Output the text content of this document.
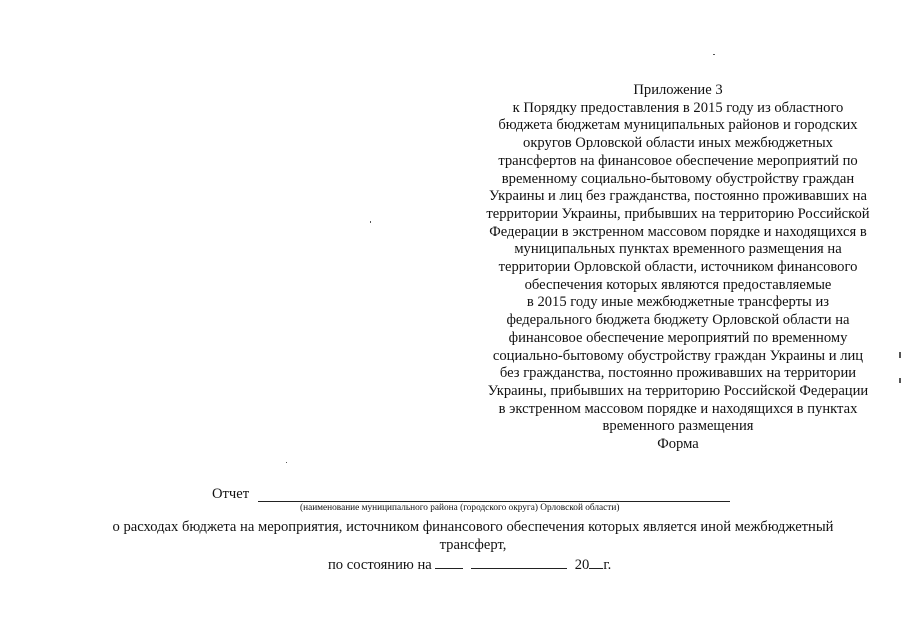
Приложение 3
к Порядку предоставления в 2015 году из областного
бюджета бюджетам муниципальных районов и городских
округов Орловской области иных межбюджетных
трансфертов на финансовое обеспечение мероприятий по
временному социально-бытовому обустройству граждан
Украины и лиц без гражданства, постоянно проживавших на
территории Украины, прибывших на территорию Российской
Федерации в экстренном массовом порядке и находящихся в
муниципальных пунктах временного размещения на
территории Орловской области, источником финансового
обеспечения которых являются предоставляемые
в 2015 году иные межбюджетные трансферты из
федерального бюджета бюджету Орловской области на
финансовое обеспечение мероприятий по временному
социально-бытовому обустройству граждан Украины и лиц
без гражданства, постоянно проживавших на территории
Украины, прибывших на территорию Российской Федерации
в экстренном массовом порядке и находящихся в пунктах
временного размещения
Форма
Отчет
(наименование муниципального района (городского округа) Орловской области)
о расходах бюджета на мероприятия, источником финансового обеспечения которых является иной межбюджетный
трансферт,
по состоянию на	20 г.
